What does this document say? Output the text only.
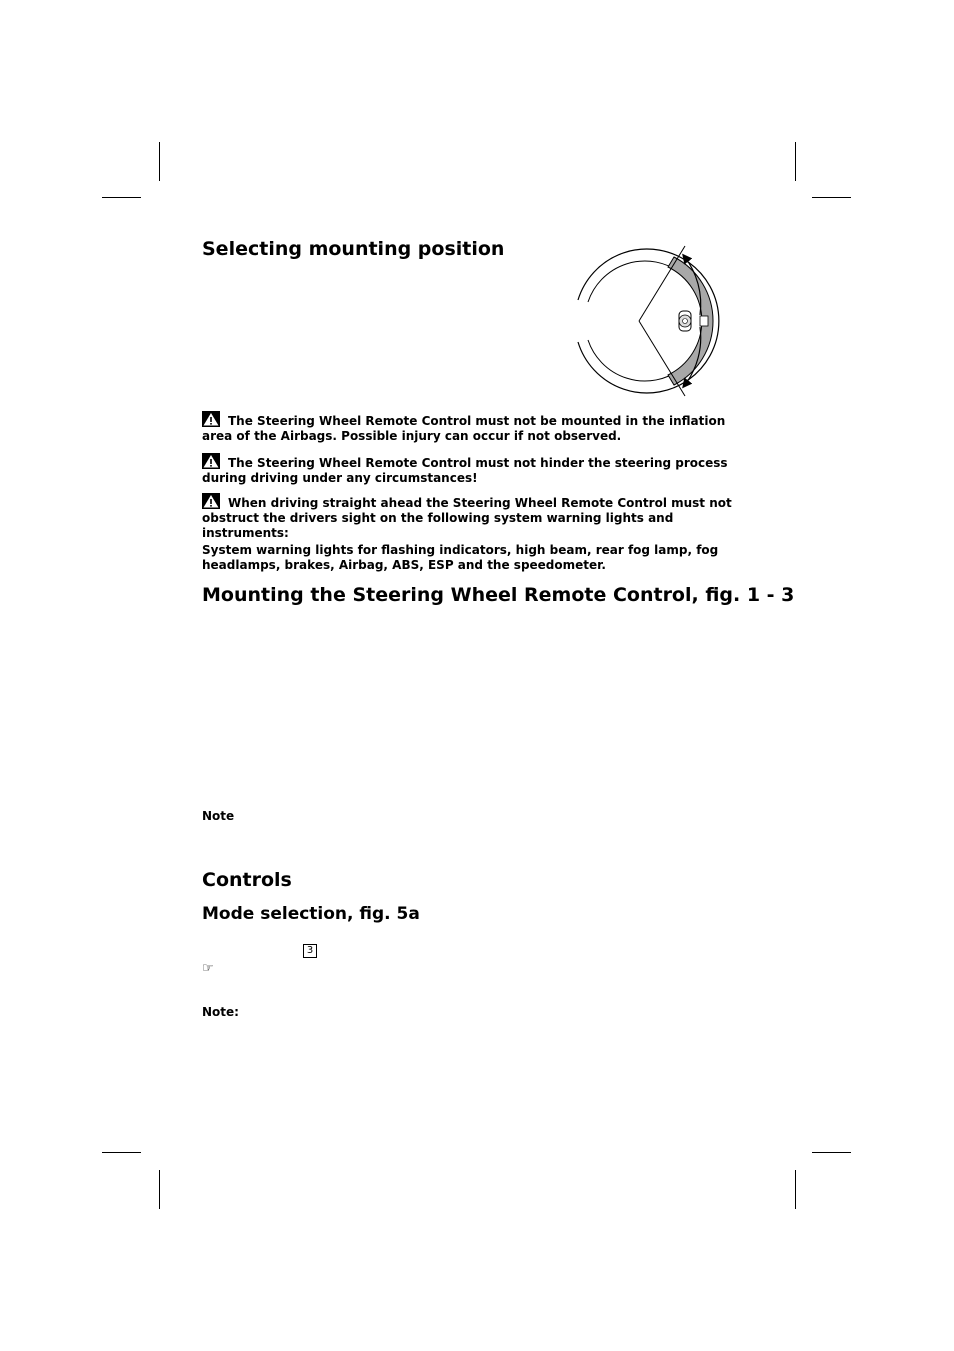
Selecting mounting position
The Steering Wheel Remote Control must not be mounted in the inflation area of the Airbags. Possible injury can occur if not observed.
The Steering Wheel Remote Control must not hinder the steering process during driving under any circumstances!
When driving straight ahead the Steering Wheel Remote Control must not obstruct the drivers sight on the following system warning lights and instruments:
System warning lights for flashing indicators, high beam, rear fog lamp, fog headlamps, brakes, Airbag, ABS, ESP and the speedometer.
Mounting the Steering Wheel Remote Control, fig. 1 - 3
Note
Controls
Mode selection, fig. 5a
3
☞
Note:
